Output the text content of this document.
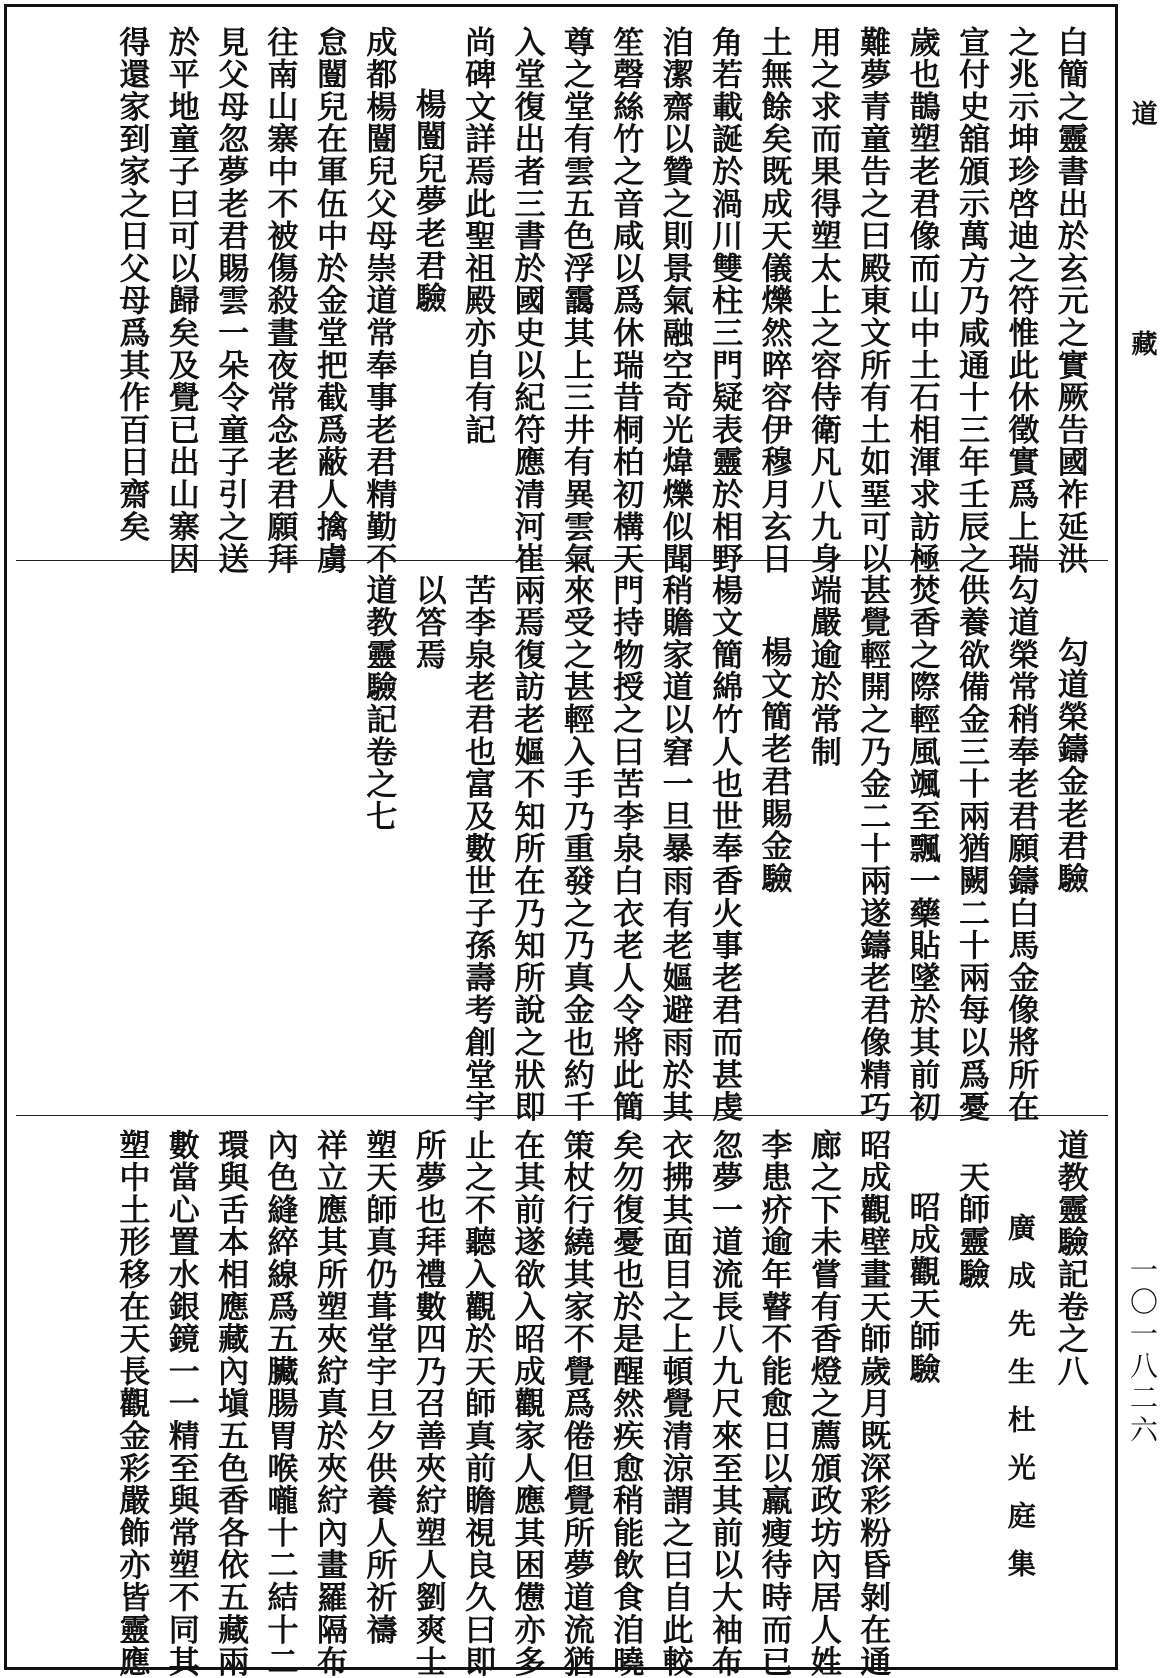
道
藏
一〇一八二六
白簡之靈書出於玄元之實厥告國祚延洪
之兆示坤珍啓迪之符惟此休徵實爲上瑞
宣付史舘頒示萬方乃咸通十三年壬辰之
歲也鵲塑老君像而山中土石相渾求訪極
難夢青童告之曰殿東文所有土如堊可以
用之求而果得塑太上之容侍衛凡八九身
土無餘矣既成天儀爍然晬容伊穆月玄日
角若載誕於渦川雙柱三門疑表靈於相野
洎潔齋以贊之則景氣融空奇光煒爍似聞
笙磬絲竹之音咸以爲休瑞昔桐柏初構天
尊之堂有雲五色浮靄其上三井有異雲氣
入堂復出者三書於國史以紀符應清河崔
尚碑文詳焉此聖祖殿亦自有記
楊闓兒夢老君驗
成都楊闓兒父母崇道常奉事老君精勤不
怠闓兒在軍伍中於金堂把截爲蔽人擒虜
往南山寨中不被傷殺晝夜常念老君願拜
見父母忽夢老君賜雲一朵令童子引之送
於平地童子曰可以歸矣及覺已出山寨因
得還家到家之日父母爲其作百日齋矣
勾道榮鑄金老君驗
勾道榮常稍奉老君願鑄白馬金像將所在
供養欲備金三十兩猶闕二十兩每以爲憂
焚香之際輕風颯至飄一藥貼墜於其前初
甚覺輕開之乃金二十兩遂鑄老君像精巧
端嚴逾於常制
楊文簡老君賜金驗
楊文簡綿竹人也世奉香火事老君而甚虔
稍贍家道以窘一旦暴雨有老嫗避雨於其
門持物授之曰苦李泉白衣老人令將此簡
來受之甚輕入手乃重發之乃真金也約千
兩焉復訪老嫗不知所在乃知所說之狀即
苦李泉老君也富及數世子孫壽考創堂宇
以答焉
道教靈驗記卷之七
道教靈驗記卷之八
廣成先生杜光庭集
天師靈驗
昭成觀天師驗
昭成觀壁畫天師歲月既深彩粉昏剝在通
廊之下未嘗有香燈之薦頒政坊內居人姓
李患疥逾年瞽不能愈日以羸瘦待時而已
忽夢一道流長八九尺來至其前以大袖布
衣拂其面目之上頓覺清涼謂之曰自此較
矣勿復憂也於是醒然疾愈稍能飲食洎曉
策杖行繞其家不覺爲倦但覺所夢道流猶
在其前遂欲入昭成觀家人應其困憊亦多
止之不聽入觀於天師真前瞻視良久曰即
所夢也拜禮數四乃召善夾紵塑人劉爽士
塑天師真仍葺堂宇旦夕供養人所祈禱
祥立應其所塑夾紵真於夾紵內畫羅隔布
內色縫綷線爲五臟腸胃喉嚨十二結十二
環與舌本相應藏內塡五色香各依五藏兩
數當心置水銀鏡一一精至與常塑不同其
塑中土形移在天長觀金彩嚴飾亦皆靈應
